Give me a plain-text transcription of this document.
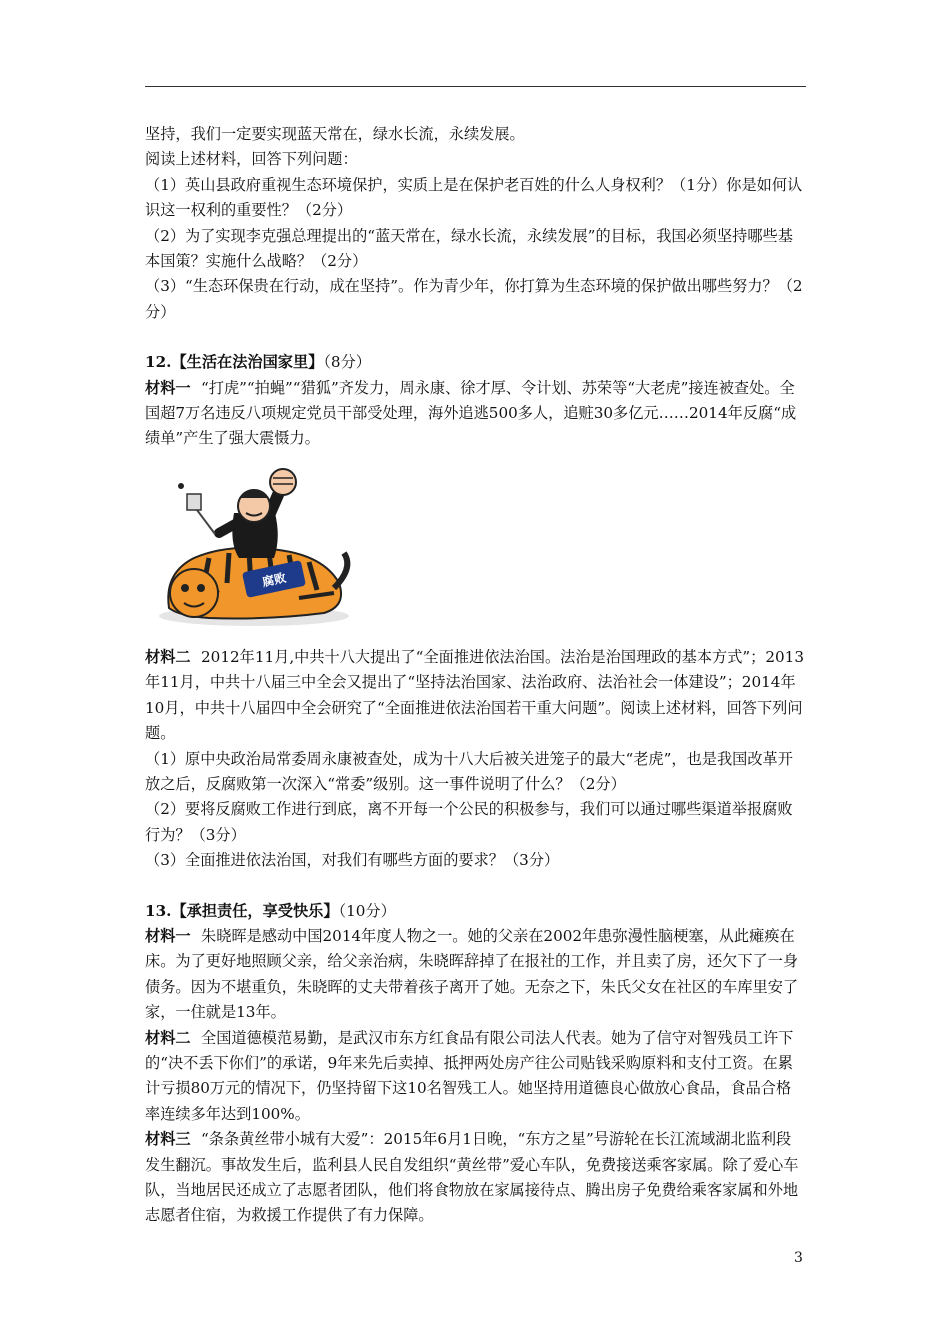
坚持，我们一定要实现蓝天常在，绿水长流，永续发展。

阅读上述材料，回答下列问题：

（1）英山县政府重视生态环境保护，实质上是在保护老百姓的什么人身权利？（1分）你是如何认识这一权利的重要性？（2分）

（2）为了实现李克强总理提出的“蓝天常在，绿水长流，永续发展”的目标，我国必须坚持哪些基本国策？实施什么战略？（2分）

（3）“生态环保贵在行动，成在坚持”。作为青少年，你打算为生态环境的保护做出哪些努力？（2分）

12.【生活在法治国家里】（8分）

材料一 “打虎”“拍蝇”“猎狐”齐发力，周永康、徐才厚、令计划、苏荣等“大老虎”接连被查处。全国超7万名违反八项规定党员干部受处理，海外追逃500多人，追赃30多亿元……2014年反腐“成绩单”产生了强大震慑力。

腐败

材料二 2012年11月,中共十八大提出了“全面推进依法治国。法治是治国理政的基本方式”；2013年11月，中共十八届三中全会又提出了“坚持法治国家、法治政府、法治社会一体建设”；2014年10月，中共十八届四中全会研究了“全面推进依法治国若干重大问题”。阅读上述材料，回答下列问题。

（1）原中央政治局常委周永康被查处，成为十八大后被关进笼子的最大“老虎”，也是我国改革开放之后，反腐败第一次深入“常委”级别。这一事件说明了什么？（2分）

（2）要将反腐败工作进行到底，离不开每一个公民的积极参与，我们可以通过哪些渠道举报腐败行为？（3分）

（3）全面推进依法治国，对我们有哪些方面的要求？（3分）

13.【承担责任，享受快乐】（10分）

材料一 朱晓晖是感动中国2014年度人物之一。她的父亲在2002年患弥漫性脑梗塞，从此瘫痪在床。为了更好地照顾父亲，给父亲治病，朱晓晖辞掉了在报社的工作，并且卖了房，还欠下了一身债务。因为不堪重负，朱晓晖的丈夫带着孩子离开了她。无奈之下，朱氏父女在社区的车库里安了家，一住就是13年。

材料二 全国道德模范易勤，是武汉市东方红食品有限公司法人代表。她为了信守对智残员工许下的“决不丢下你们”的承诺，9年来先后卖掉、抵押两处房产往公司贴钱采购原料和支付工资。在累计亏损80万元的情况下，仍坚持留下这10名智残工人。她坚持用道德良心做放心食品，食品合格率连续多年达到100%。

材料三 “条条黄丝带小城有大爱”：2015年6月1日晚，“东方之星”号游轮在长江流域湖北监利段发生翻沉。事故发生后，监利县人民自发组织“黄丝带”爱心车队，免费接送乘客家属。除了爱心车队，当地居民还成立了志愿者团队，他们将食物放在家属接待点、腾出房子免费给乘客家属和外地志愿者住宿，为救援工作提供了有力保障。

3
